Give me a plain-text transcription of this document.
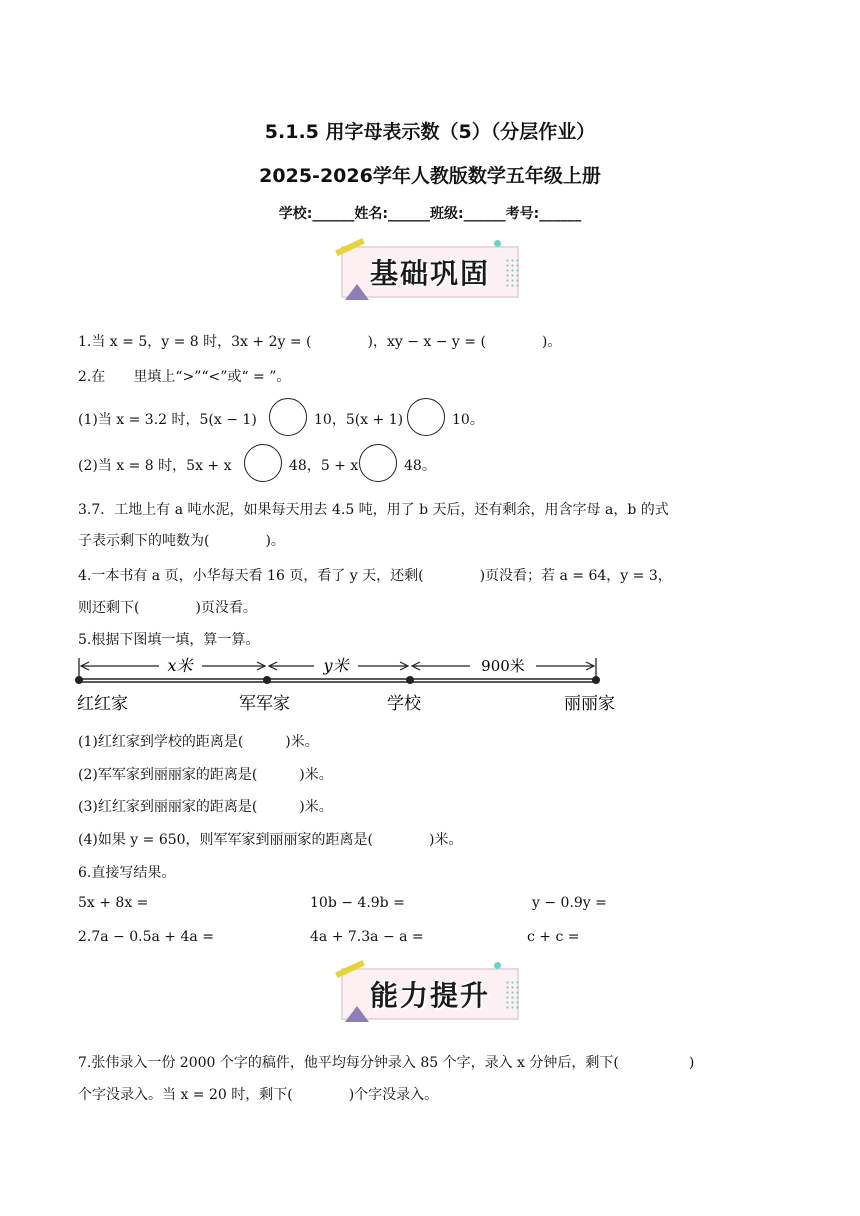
5.1.5 用字母表示数（5）（分层作业）
2025-2026学年人教版数学五年级上册
学校:______姓名:______班级:______考号:______
基础巩固
1.当 x = 5，y = 8 时，3x + 2y = (　　　　)，xy − x − y = (　　　　)。
2.在　　里填上“>”“<”或“ = ”。
(1)当 x = 3.2 时，5(x − 1)	10，5(x + 1)	10。
(2)当 x = 8 时，5x + x	48，5 + x	48。
3.7．工地上有 a 吨水泥，如果每天用去 4.5 吨，用了 b 天后，还有剩余，用含字母 a，b 的式
子表示剩下的吨数为(　　　　)。
4.一本书有 a 页，小华每天看 16 页，看了 y 天，还剩(　　　　)页没看；若 a = 64，y = 3，
则还剩下(　　　　)页没看。
5.根据下图填一填，算一算。
x米	y米	900米
红红家	军军家	学校	丽丽家
(1)红红家到学校的距离是(　　　)米。
(2)军军家到丽丽家的距离是(　　　)米。
(3)红红家到丽丽家的距离是(　　　)米。
(4)如果 y = 650，则军军家到丽丽家的距离是(　　　　)米。
6.直接写结果。
5x + 8x =	10b − 4.9b =	y − 0.9y =
2.7a − 0.5a + 4a =	4a + 7.3a − a =	c + c =
能力提升
7.张伟录入一份 2000 个字的稿件，他平均每分钟录入 85 个字，录入 x 分钟后，剩下(　　　　　)
个字没录入。当 x = 20 时，剩下(　　　　)个字没录入。
